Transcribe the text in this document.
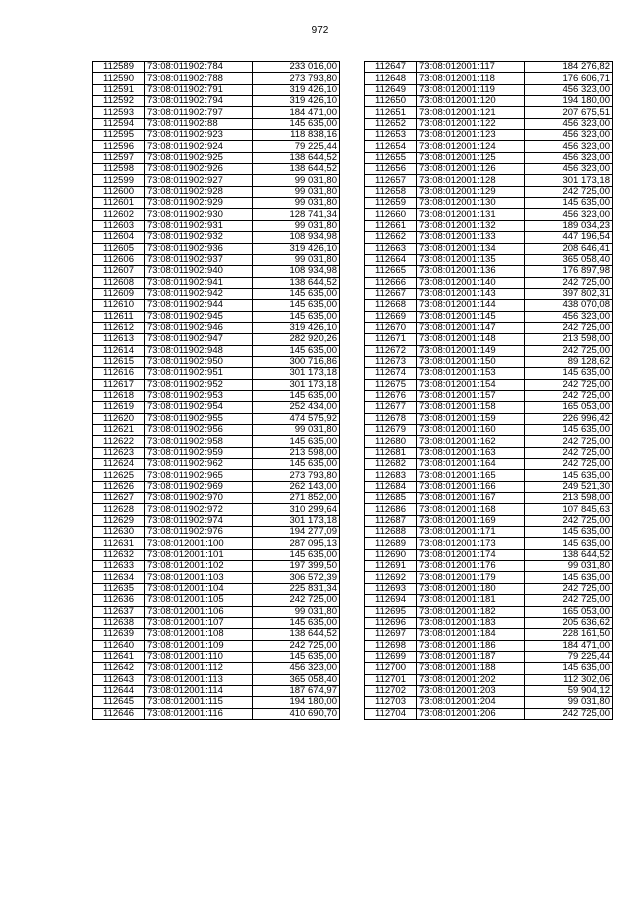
972
112589	73:08:011902:784	233 016,00
112590	73:08:011902:788	273 793,80
112591	73:08:011902:791	319 426,10
112592	73:08:011902:794	319 426,10
112593	73:08:011902:797	184 471,00
112594	73:08:011902:88	145 635,00
112595	73:08:011902:923	118 838,16
112596	73:08:011902:924	79 225,44
112597	73:08:011902:925	138 644,52
112598	73:08:011902:926	138 644,52
112599	73:08:011902:927	99 031,80
112600	73:08:011902:928	99 031,80
112601	73:08:011902:929	99 031,80
112602	73:08:011902:930	128 741,34
112603	73:08:011902:931	99 031,80
112604	73:08:011902:932	108 934,98
112605	73:08:011902:936	319 426,10
112606	73:08:011902:937	99 031,80
112607	73:08:011902:940	108 934,98
112608	73:08:011902:941	138 644,52
112609	73:08:011902:942	145 635,00
112610	73:08:011902:944	145 635,00
112611	73:08:011902:945	145 635,00
112612	73:08:011902:946	319 426,10
112613	73:08:011902:947	282 920,26
112614	73:08:011902:948	145 635,00
112615	73:08:011902:950	300 716,86
112616	73:08:011902:951	301 173,18
112617	73:08:011902:952	301 173,18
112618	73:08:011902:953	145 635,00
112619	73:08:011902:954	252 434,00
112620	73:08:011902:955	474 575,92
112621	73:08:011902:956	99 031,80
112622	73:08:011902:958	145 635,00
112623	73:08:011902:959	213 598,00
112624	73:08:011902:962	145 635,00
112625	73:08:011902:965	273 793,80
112626	73:08:011902:969	262 143,00
112627	73:08:011902:970	271 852,00
112628	73:08:011902:972	310 299,64
112629	73:08:011902:974	301 173,18
112630	73:08:011902:976	194 277,09
112631	73:08:012001:100	287 095,13
112632	73:08:012001:101	145 635,00
112633	73:08:012001:102	197 399,50
112634	73:08:012001:103	306 572,39
112635	73:08:012001:104	225 831,34
112636	73:08:012001:105	242 725,00
112637	73:08:012001:106	99 031,80
112638	73:08:012001:107	145 635,00
112639	73:08:012001:108	138 644,52
112640	73:08:012001:109	242 725,00
112641	73:08:012001:110	145 635,00
112642	73:08:012001:112	456 323,00
112643	73:08:012001:113	365 058,40
112644	73:08:012001:114	187 674,97
112645	73:08:012001:115	194 180,00
112646	73:08:012001:116	410 690,70
112647	73:08:012001:117	184 276,82
112648	73:08:012001:118	176 606,71
112649	73:08:012001:119	456 323,00
112650	73:08:012001:120	194 180,00
112651	73:08:012001:121	207 675,51
112652	73:08:012001:122	456 323,00
112653	73:08:012001:123	456 323,00
112654	73:08:012001:124	456 323,00
112655	73:08:012001:125	456 323,00
112656	73:08:012001:126	456 323,00
112657	73:08:012001:128	301 173,18
112658	73:08:012001:129	242 725,00
112659	73:08:012001:130	145 635,00
112660	73:08:012001:131	456 323,00
112661	73:08:012001:132	189 034,23
112662	73:08:012001:133	447 196,54
112663	73:08:012001:134	208 646,41
112664	73:08:012001:135	365 058,40
112665	73:08:012001:136	176 897,98
112666	73:08:012001:140	242 725,00
112667	73:08:012001:143	397 802,31
112668	73:08:012001:144	438 070,08
112669	73:08:012001:145	456 323,00
112670	73:08:012001:147	242 725,00
112671	73:08:012001:148	213 598,00
112672	73:08:012001:149	242 725,00
112673	73:08:012001:150	89 128,62
112674	73:08:012001:153	145 635,00
112675	73:08:012001:154	242 725,00
112676	73:08:012001:157	242 725,00
112677	73:08:012001:158	165 053,00
112678	73:08:012001:159	226 996,42
112679	73:08:012001:160	145 635,00
112680	73:08:012001:162	242 725,00
112681	73:08:012001:163	242 725,00
112682	73:08:012001:164	242 725,00
112683	73:08:012001:165	145 635,00
112684	73:08:012001:166	249 521,30
112685	73:08:012001:167	213 598,00
112686	73:08:012001:168	107 845,63
112687	73:08:012001:169	242 725,00
112688	73:08:012001:171	145 635,00
112689	73:08:012001:173	145 635,00
112690	73:08:012001:174	138 644,52
112691	73:08:012001:176	99 031,80
112692	73:08:012001:179	145 635,00
112693	73:08:012001:180	242 725,00
112694	73:08:012001:181	242 725,00
112695	73:08:012001:182	165 053,00
112696	73:08:012001:183	205 636,62
112697	73:08:012001:184	228 161,50
112698	73:08:012001:186	184 471,00
112699	73:08:012001:187	79 225,44
112700	73:08:012001:188	145 635,00
112701	73:08:012001:202	112 302,06
112702	73:08:012001:203	59 904,12
112703	73:08:012001:204	99 031,80
112704	73:08:012001:206	242 725,00
